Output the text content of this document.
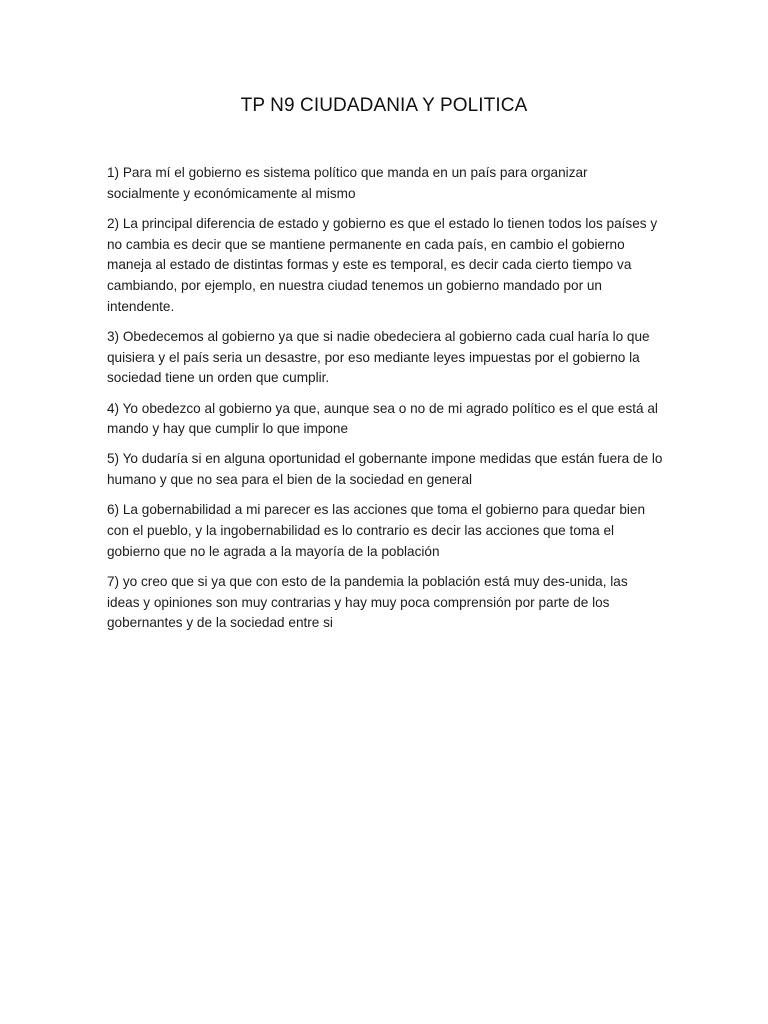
TP N9 CIUDADANIA Y POLITICA

1) Para mí el gobierno es sistema político que manda en un país para organizar socialmente y económicamente al mismo

2) La principal diferencia de estado y gobierno es que el estado lo tienen todos los países y no cambia es decir que se mantiene permanente en cada país, en cambio el gobierno maneja al estado de distintas formas y este es temporal, es decir cada cierto tiempo va cambiando, por ejemplo, en nuestra ciudad tenemos un gobierno mandado por un intendente.

3) Obedecemos al gobierno ya que si nadie obedeciera al gobierno cada cual haría lo que quisiera y el país seria un desastre, por eso mediante leyes impuestas por el gobierno la sociedad tiene un orden que cumplir.

4) Yo obedezco al gobierno ya que, aunque sea o no de mi agrado político es el que está al mando y hay que cumplir lo que impone

5) Yo dudaría si en alguna oportunidad el gobernante impone medidas que están fuera de lo humano y que no sea para el bien de la sociedad en general

6) La gobernabilidad a mi parecer es las acciones que toma el gobierno para quedar bien con el pueblo, y la ingobernabilidad es lo contrario es decir las acciones que toma el gobierno que no le agrada a la mayoría de la población

7) yo creo que si ya que con esto de la pandemia la población está muy des-unida, las ideas y opiniones son muy contrarias y hay muy poca comprensión por parte de los gobernantes y de la sociedad entre si
